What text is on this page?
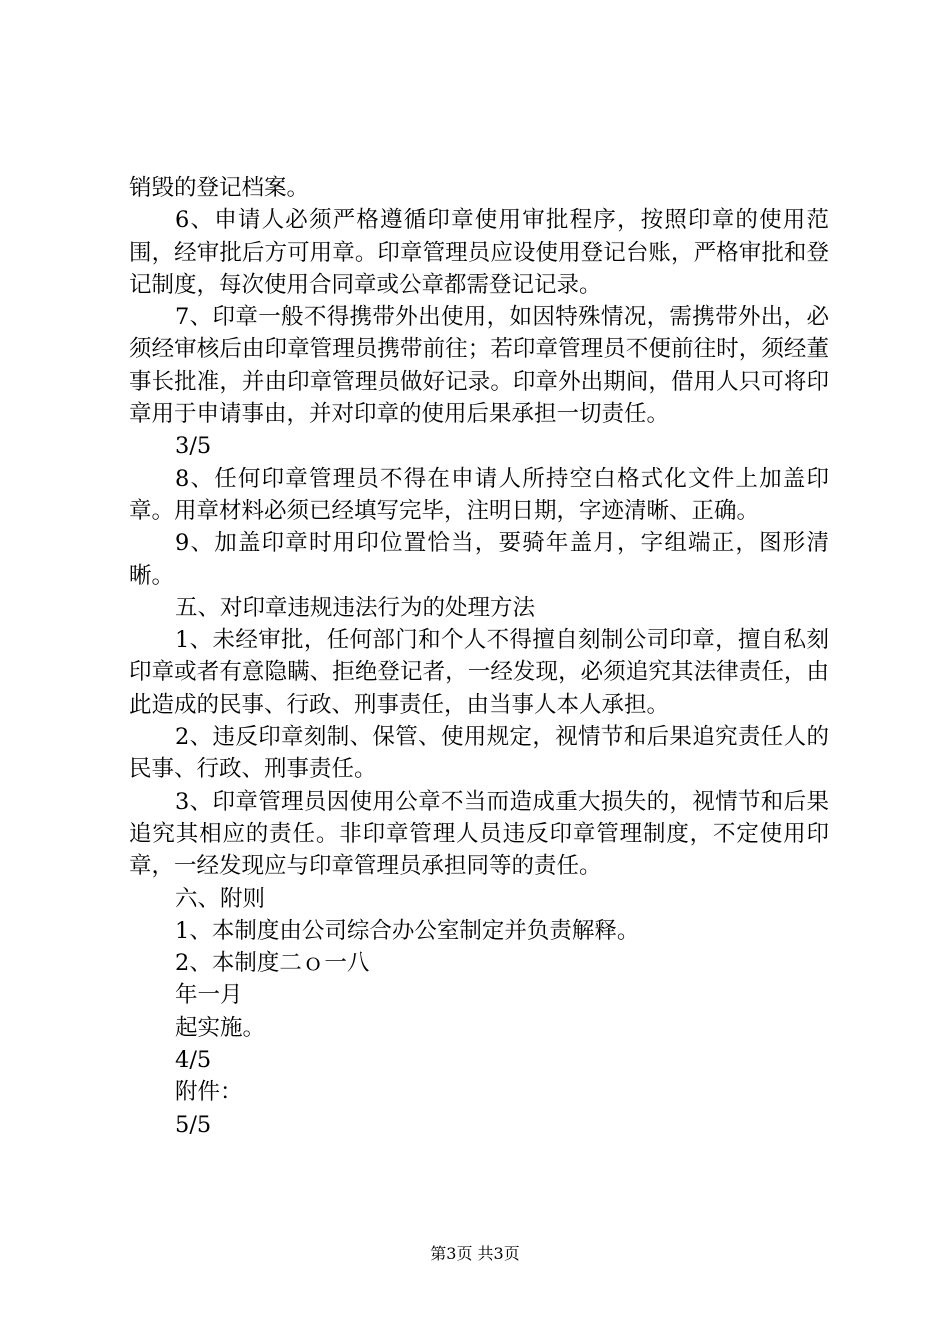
销毁的登记档案。

6、申请人必须严格遵循印章使用审批程序，按照印章的使用范围，经审批后方可用章。印章管理员应设使用登记台账，严格审批和登记制度，每次使用合同章或公章都需登记记录。

7、印章一般不得携带外出使用，如因特殊情况，需携带外出，必须经审核后由印章管理员携带前往；若印章管理员不便前往时，须经董事长批准，并由印章管理员做好记录。印章外出期间，借用人只可将印章用于申请事由，并对印章的使用后果承担一切责任。

3/5

8、任何印章管理员不得在申请人所持空白格式化文件上加盖印章。用章材料必须已经填写完毕，注明日期，字迹清晰、正确。

9、加盖印章时用印位置恰当，要骑年盖月，字组端正，图形清晰。

五、对印章违规违法行为的处理方法

1、未经审批，任何部门和个人不得擅自刻制公司印章，擅自私刻印章或者有意隐瞒、拒绝登记者，一经发现，必须追究其法律责任，由此造成的民事、行政、刑事责任，由当事人本人承担。

2、违反印章刻制、保管、使用规定，视情节和后果追究责任人的民事、行政、刑事责任。

3、印章管理员因使用公章不当而造成重大损失的，视情节和后果追究其相应的责任。非印章管理人员违反印章管理制度，不定使用印章，一经发现应与印章管理员承担同等的责任。

六、附则

1、本制度由公司综合办公室制定并负责解释。

2、本制度二ｏ一八

年一月

起实施。

4/5

附件：

5/5

第3页 共3页
